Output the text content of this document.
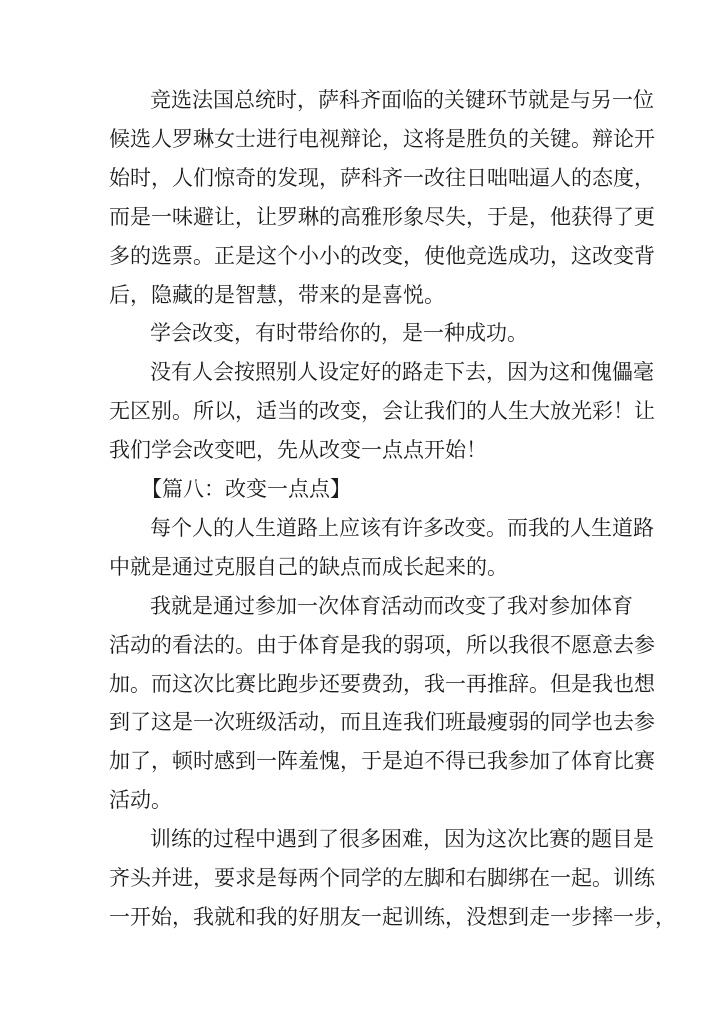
竞选法国总统时，萨科齐面临的关键环节就是与另一位
候选人罗琳女士进行电视辩论，这将是胜负的关键。辩论开
始时，人们惊奇的发现，萨科齐一改往日咄咄逼人的态度，
而是一味避让，让罗琳的高雅形象尽失，于是，他获得了更
多的选票。正是这个小小的改变，使他竞选成功，这改变背
后，隐藏的是智慧，带来的是喜悦。
学会改变，有时带给你的，是一种成功。
没有人会按照别人设定好的路走下去，因为这和傀儡毫
无区别。所以，适当的改变，会让我们的人生大放光彩！让
我们学会改变吧，先从改变一点点开始！
【篇八：改变一点点】
每个人的人生道路上应该有许多改变。而我的人生道路
中就是通过克服自己的缺点而成长起来的。
我就是通过参加一次体育活动而改变了我对参加体育
活动的看法的。由于体育是我的弱项，所以我很不愿意去参
加。而这次比赛比跑步还要费劲，我一再推辞。但是我也想
到了这是一次班级活动，而且连我们班最瘦弱的同学也去参
加了，顿时感到一阵羞愧，于是迫不得已我参加了体育比赛
活动。
训练的过程中遇到了很多困难，因为这次比赛的题目是
齐头并进，要求是每两个同学的左脚和右脚绑在一起。训练
一开始，我就和我的好朋友一起训练，没想到走一步摔一步，
